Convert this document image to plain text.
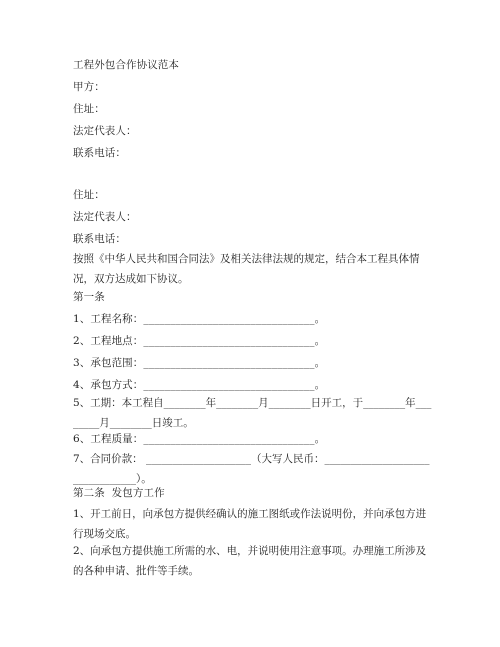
工程外包合作协议范本
甲方：
住址：
法定代表人：
联系电话：
住址：
法定代表人：
联系电话：
按照《中华人民共和国合同法》及相关法律法规的规定，结合本工程具体情况，双方达成如下协议。
第一条
1、工程名称：________________________________。
2、工程地点：________________________________。
3、承包范围：________________________________。
4、承包方式：________________________________。
5、工期：本工程自________年________月________日开工，于________年________月________日竣工。
6、工程质量：________________________________。
7、合同价款： ____________________（大写人民币：________________________________）。
第二条  发包方工作
1、开工前日，向承包方提供经确认的施工图纸或作法说明份，并向承包方进行现场交底。
2、向承包方提供施工所需的水、电，并说明使用注意事项。办理施工所涉及的各种申请、批件等手续。
